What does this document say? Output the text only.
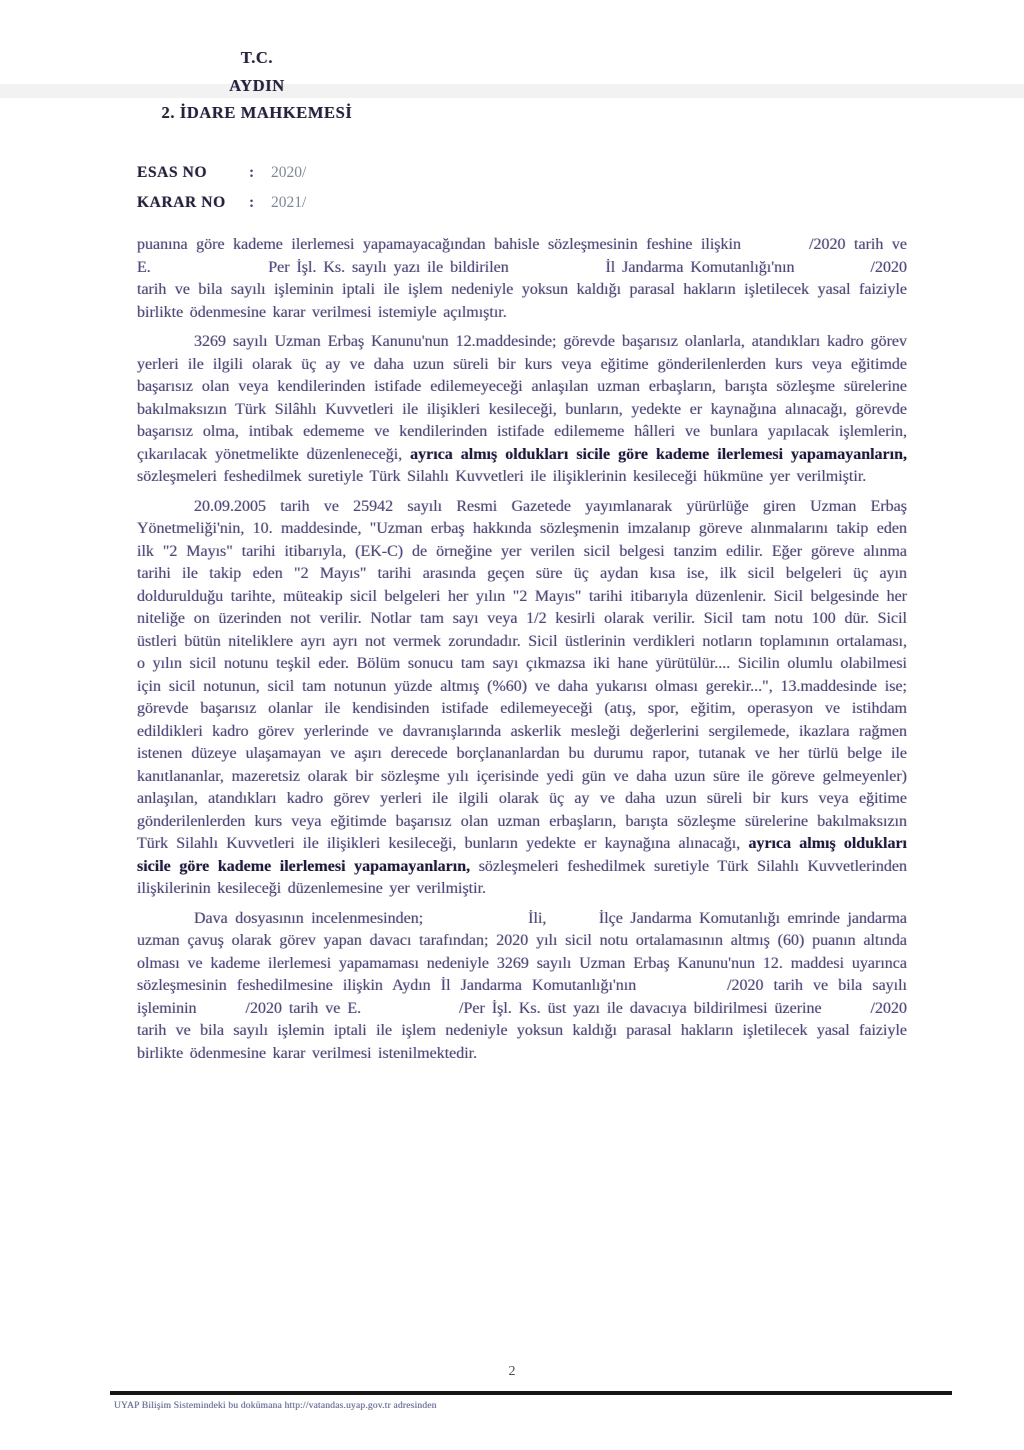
T.C.
AYDIN
2. İDARE MAHKEMESİ
ESAS NO	: 2020/
KARAR NO : 2021/

puanına göre kademe ilerlemesi yapamayacağından bahisle sözleşmesinin feshine ilişkin        /2020 tarih ve E.                 Per İşl. Ks. sayılı yazı ile bildirilen              İl Jandarma Komutanlığı'nın           /2020 tarih ve bila sayılı işleminin iptali ile işlem nedeniyle yoksun kaldığı parasal hakların işletilecek yasal faiziyle birlikte ödenmesine karar verilmesi istemiyle açılmıştır.

3269 sayılı Uzman Erbaş Kanunu'nun 12.maddesinde; görevde başarısız olanlarla, atandıkları kadro görev yerleri ile ilgili olarak üç ay ve daha uzun süreli bir kurs veya eğitime gönderilenlerden kurs veya eğitimde başarısız olan veya kendilerinden istifade edilemeyeceği anlaşılan uzman erbaşların, barışta sözleşme sürelerine bakılmaksızın Türk Silâhlı Kuvvetleri ile ilişikleri kesileceği, bunların, yedekte er kaynağına alınacağı, görevde başarısız olma, intibak edememe ve kendilerinden istifade edilememe hâlleri ve bunlara yapılacak işlemlerin, çıkarılacak yönetmelikte düzenleneceği, ayrıca almış oldukları sicile göre kademe ilerlemesi yapamayanların, sözleşmeleri feshedilmek suretiyle Türk Silahlı Kuvvetleri ile ilişiklerinin kesileceği hükmüne yer verilmiştir.

20.09.2005 tarih ve 25942 sayılı Resmi Gazetede yayımlanarak yürürlüğe giren Uzman Erbaş Yönetmeliği'nin, 10. maddesinde, "Uzman erbaş hakkında sözleşmenin imzalanıp göreve alınmalarını takip eden ilk "2 Mayıs" tarihi itibarıyla, (EK-C) de örneğine yer verilen sicil belgesi tanzim edilir. Eğer göreve alınma tarihi ile takip eden "2 Mayıs" tarihi arasında geçen süre üç aydan kısa ise, ilk sicil belgeleri üç ayın doldurulduğu tarihte, müteakip sicil belgeleri her yılın "2 Mayıs" tarihi itibarıyla düzenlenir. Sicil belgesinde her niteliğe on üzerinden not verilir. Notlar tam sayı veya 1/2 kesirli olarak verilir. Sicil tam notu 100 dür. Sicil üstleri bütün niteliklere ayrı ayrı not vermek zorundadır. Sicil üstlerinin verdikleri notların toplamının ortalaması, o yılın sicil notunu teşkil eder. Bölüm sonucu tam sayı çıkmazsa iki hane yürütülür.... Sicilin olumlu olabilmesi için sicil notunun, sicil tam notunun yüzde altmış (%60) ve daha yukarısı olması gerekir...", 13.maddesinde ise; görevde başarısız olanlar ile kendisinden istifade edilemeyeceği (atış, spor, eğitim, operasyon ve istihdam edildikleri kadro görev yerlerinde ve davranışlarında askerlik mesleği değerlerini sergilemede, ikazlara rağmen istenen düzeye ulaşamayan ve aşırı derecede borçlananlardan bu durumu rapor, tutanak ve her türlü belge ile kanıtlananlar, mazeretsiz olarak bir sözleşme yılı içerisinde yedi gün ve daha uzun süre ile göreve gelmeyenler) anlaşılan, atandıkları kadro görev yerleri ile ilgili olarak üç ay ve daha uzun süreli bir kurs veya eğitime gönderilenlerden kurs veya eğitimde başarısız olan uzman erbaşların, barışta sözleşme sürelerine bakılmaksızın Türk Silahlı Kuvvetleri ile ilişikleri kesileceği, bunların yedekte er kaynağına alınacağı, ayrıca almış oldukları sicile göre kademe ilerlemesi yapamayanların, sözleşmeleri feshedilmek suretiyle Türk Silahlı Kuvvetlerinden ilişkilerinin kesileceği düzenlemesine yer verilmiştir.

Dava dosyasının incelenmesinden;              İli,       İlçe Jandarma Komutanlığı emrinde jandarma uzman çavuş olarak görev yapan davacı tarafından; 2020 yılı sicil notu ortalamasının altmış (60) puanın altında olması ve kademe ilerlemesi yapamaması nedeniyle 3269 sayılı Uzman Erbaş Kanunu'nun 12. maddesi uyarınca sözleşmesinin feshedilmesine ilişkin Aydın İl Jandarma Komutanlığı'nın         /2020 tarih ve bila sayılı işleminin       /2020 tarih ve E.              /Per İşl. Ks. üst yazı ile davacıya bildirilmesi üzerine       /2020 tarih ve bila sayılı işlemin iptali ile işlem nedeniyle yoksun kaldığı parasal hakların işletilecek yasal faiziyle birlikte ödenmesine karar verilmesi istenilmektedir.

2
UYAP Bilişim Sistemindeki bu dokümana http://vatandas.uyap.gov.tr adresinden
